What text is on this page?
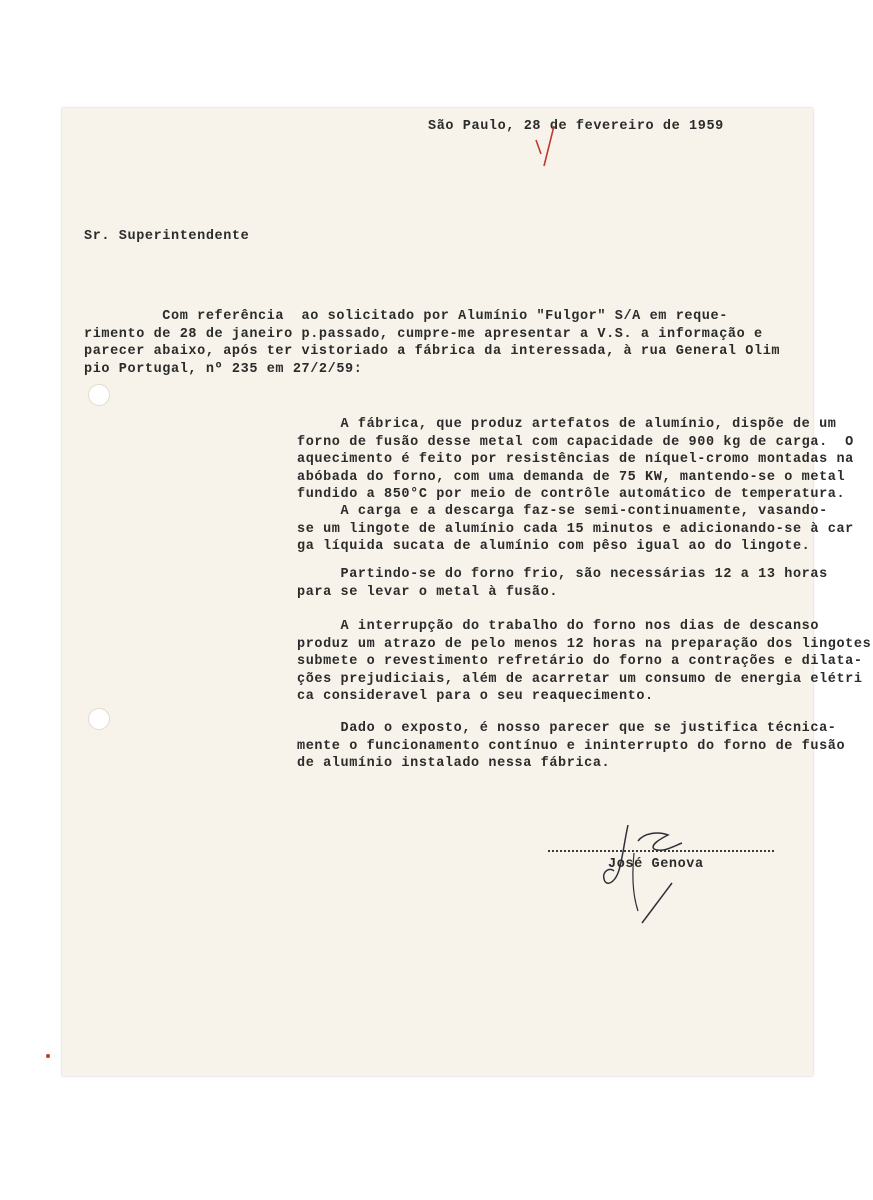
São Paulo, 28 de fevereiro de 1959

Sr. Superintendente

Com referência  ao solicitado por Alumínio "Fulgor" S/A em reque-
rimento de 28 de janeiro p.passado, cumpre-me apresentar a V.S. a informação e
parecer abaixo, após ter vistoriado a fábrica da interessada, à rua General Olim
pio Portugal, nº 235 em 27/2/59:

A fábrica, que produz artefatos de alumínio, dispõe de um
forno de fusão desse metal com capacidade de 900 kg de carga.  O
aquecimento é feito por resistências de níquel-cromo montadas na
abóbada do forno, com uma demanda de 75 KW, mantendo-se o metal
fundido a 850°C por meio de contrôle automático de temperatura.

A carga e a descarga faz-se semi-continuamente, vasando-
se um lingote de alumínio cada 15 minutos e adicionando-se à car
ga líquida sucata de alumínio com pêso igual ao do lingote.

Partindo-se do forno frio, são necessárias 12 a 13 horas
para se levar o metal à fusão.

A interrupção do trabalho do forno nos dias de descanso
produz um atrazo de pelo menos 12 horas na preparação dos lingotes
submete o revestimento refretário do forno a contrações e dilata-
ções prejudiciais, além de acarretar um consumo de energia elétri
ca consideravel para o seu reaquecimento.

Dado o exposto, é nosso parecer que se justifica técnica-
mente o funcionamento contínuo e ininterrupto do forno de fusão
de alumínio instalado nessa fábrica.

José Genova
